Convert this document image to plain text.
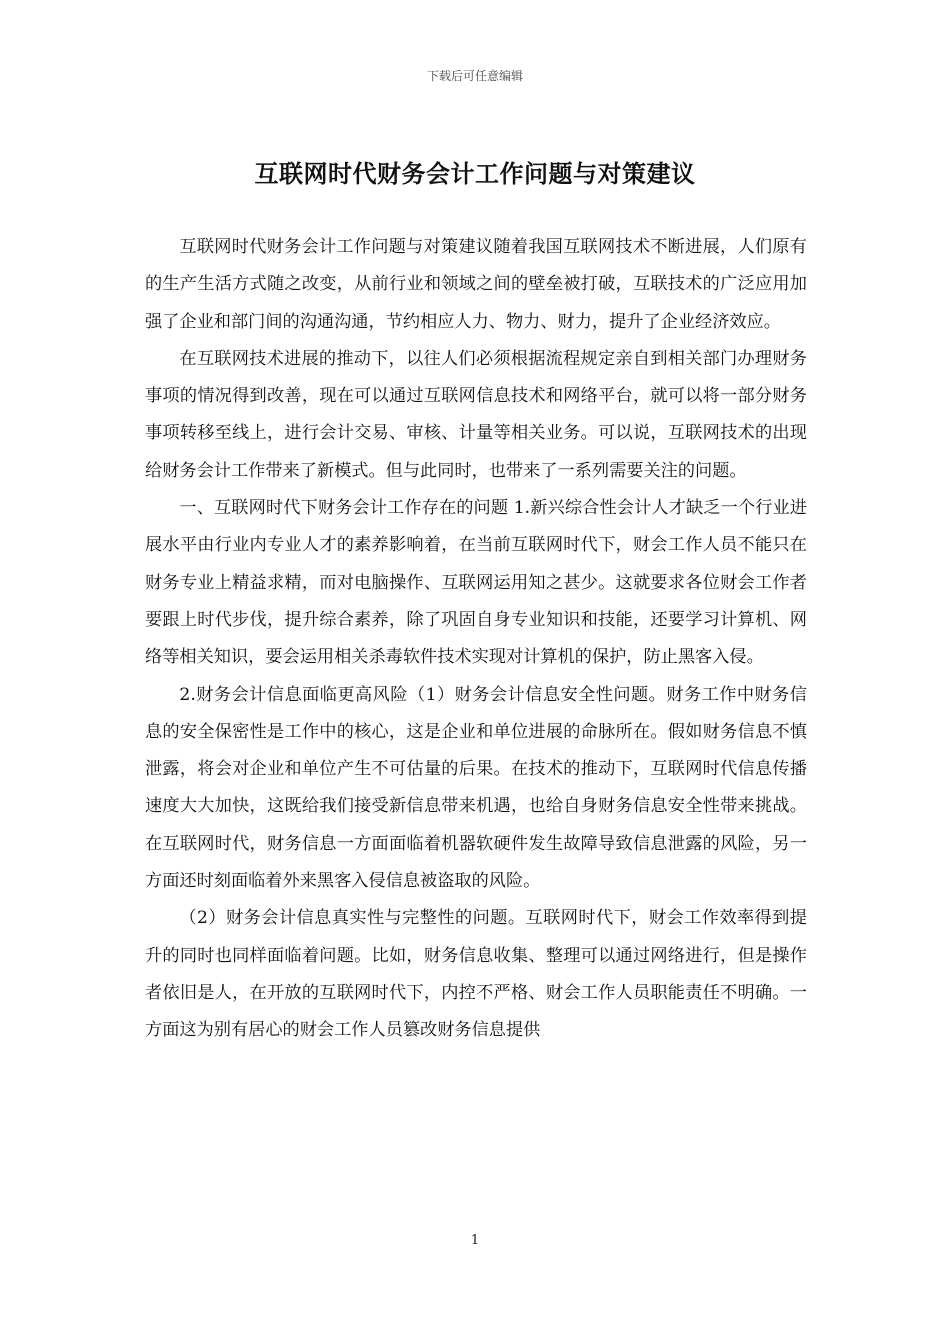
下载后可任意编辑
互联网时代财务会计工作问题与对策建议

互联网时代财务会计工作问题与对策建议随着我国互联网技术不断进展，人们原有的生产生活方式随之改变，从前行业和领域之间的壁垒被打破，互联技术的广泛应用加强了企业和部门间的沟通沟通，节约相应人力、物力、财力，提升了企业经济效应。

在互联网技术进展的推动下，以往人们必须根据流程规定亲自到相关部门办理财务事项的情况得到改善，现在可以通过互联网信息技术和网络平台，就可以将一部分财务事项转移至线上，进行会计交易、审核、计量等相关业务。可以说，互联网技术的出现给财务会计工作带来了新模式。但与此同时，也带来了一系列需要关注的问题。

一、互联网时代下财务会计工作存在的问题 1.新兴综合性会计人才缺乏一个行业进展水平由行业内专业人才的素养影响着，在当前互联网时代下，财会工作人员不能只在财务专业上精益求精，而对电脑操作、互联网运用知之甚少。这就要求各位财会工作者要跟上时代步伐，提升综合素养，除了巩固自身专业知识和技能，还要学习计算机、网络等相关知识，要会运用相关杀毒软件技术实现对计算机的保护，防止黑客入侵。

2.财务会计信息面临更高风险（1）财务会计信息安全性问题。财务工作中财务信息的安全保密性是工作中的核心，这是企业和单位进展的命脉所在。假如财务信息不慎泄露，将会对企业和单位产生不可估量的后果。在技术的推动下，互联网时代信息传播速度大大加快，这既给我们接受新信息带来机遇，也给自身财务信息安全性带来挑战。在互联网时代，财务信息一方面面临着机器软硬件发生故障导致信息泄露的风险，另一方面还时刻面临着外来黑客入侵信息被盗取的风险。

（2）财务会计信息真实性与完整性的问题。互联网时代下，财会工作效率得到提升的同时也同样面临着问题。比如，财务信息收集、整理可以通过网络进行，但是操作者依旧是人，在开放的互联网时代下，内控不严格、财会工作人员职能责任不明确。一方面这为别有居心的财会工作人员篡改财务信息提供

1
